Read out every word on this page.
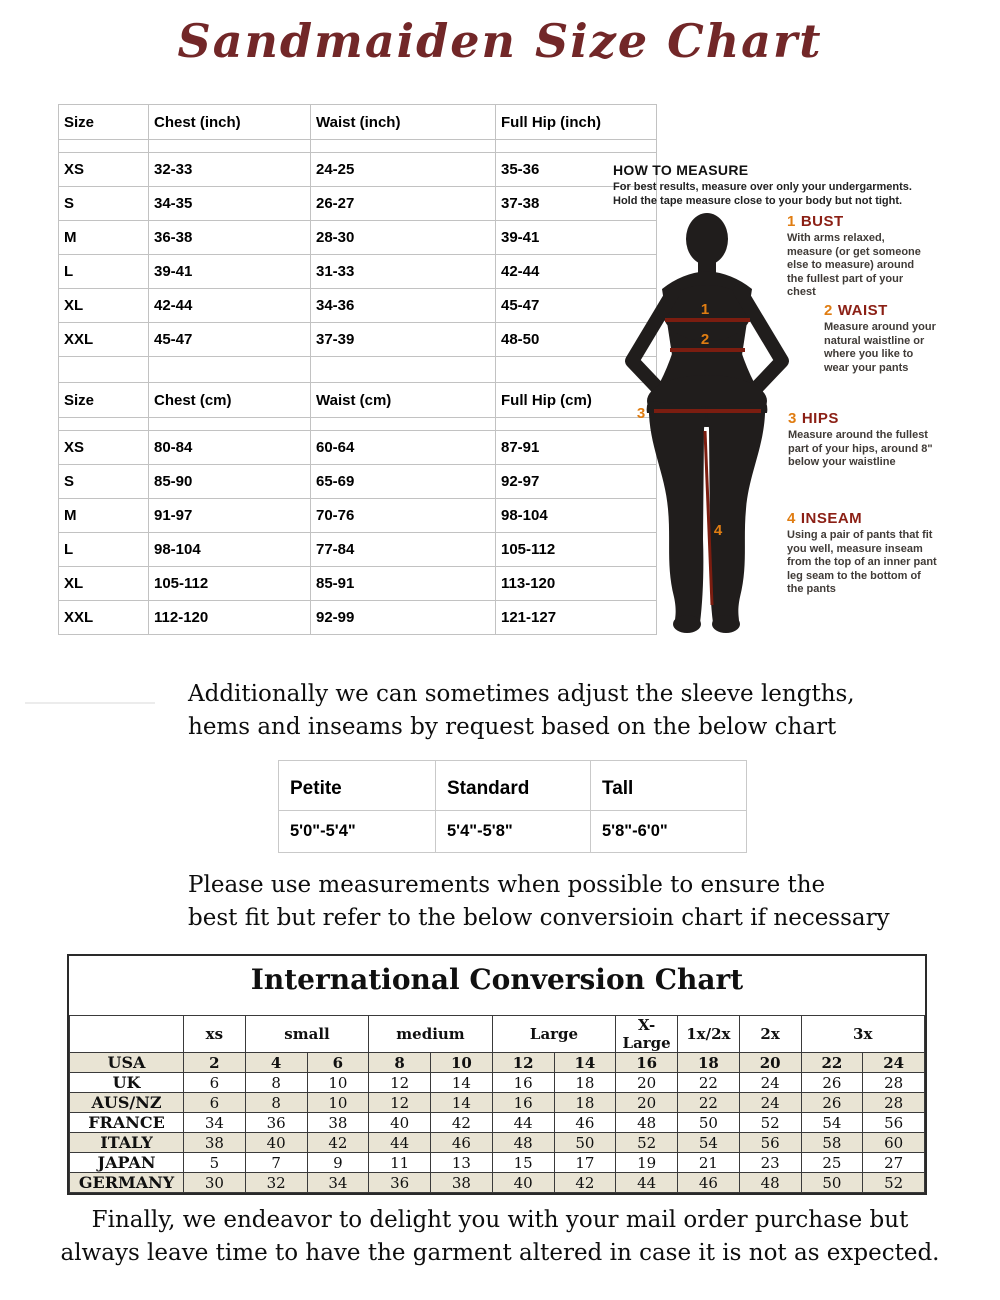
Sandmaiden Size Chart
Size	Chest (inch)	Waist (inch)	Full Hip (inch)

XS	32-33	24-25	35-36
S	34-35	26-27	37-38
M	36-38	28-30	39-41
L	39-41	31-33	42-44
XL	42-44	34-36	45-47
XXL	45-47	37-39	48-50

Size	Chest (cm)	Waist (cm)	Full Hip (cm)

XS	80-84	60-64	87-91
S	85-90	65-69	92-97
M	91-97	70-76	98-104
L	98-104	77-84	105-112
XL	105-112	85-91	113-120
XXL	112-120	92-99	121-127
HOW TO MEASURE
For best results, measure over only your undergarments.
Hold the tape measure close to your body but not tight.
1
2
3
4
1 BUST
With arms relaxed, measure (or get someone else to measure) around the fullest part of your chest
2 WAIST
Measure around your natural waistline or where you like to wear your pants
3 HIPS
Measure around the fullest part of your hips, around 8" below your waistline
4 INSEAM
Using a pair of pants that fit you well, measure inseam from the top of an inner pant leg seam to the bottom of the pants
Additionally we can sometimes adjust the sleeve lengths,
hems and inseams by request based on the below chart
Petite	Standard	Tall
5'0"-5'4"	5'4"-5'8"	5'8"-6'0"
Please use measurements when possible to ensure the
best fit but refer to the below conversioin chart if necessary
International Conversion Chart
	xs	small		medium		Large		X-Large	1x/2x	2x	3x	
USA	2	4	6	8	10	12	14	16	18	20	22	24
UK	6	8	10	12	14	16	18	20	22	24	26	28
AUS/NZ	6	8	10	12	14	16	18	20	22	24	26	28
FRANCE	34	36	38	40	42	44	46	48	50	52	54	56
ITALY	38	40	42	44	46	48	50	52	54	56	58	60
JAPAN	5	7	9	11	13	15	17	19	21	23	25	27
GERMANY	30	32	34	36	38	40	42	44	46	48	50	52
Finally, we endeavor to delight you with your mail order purchase but
always leave time to have the garment altered in case it is not as expected.
